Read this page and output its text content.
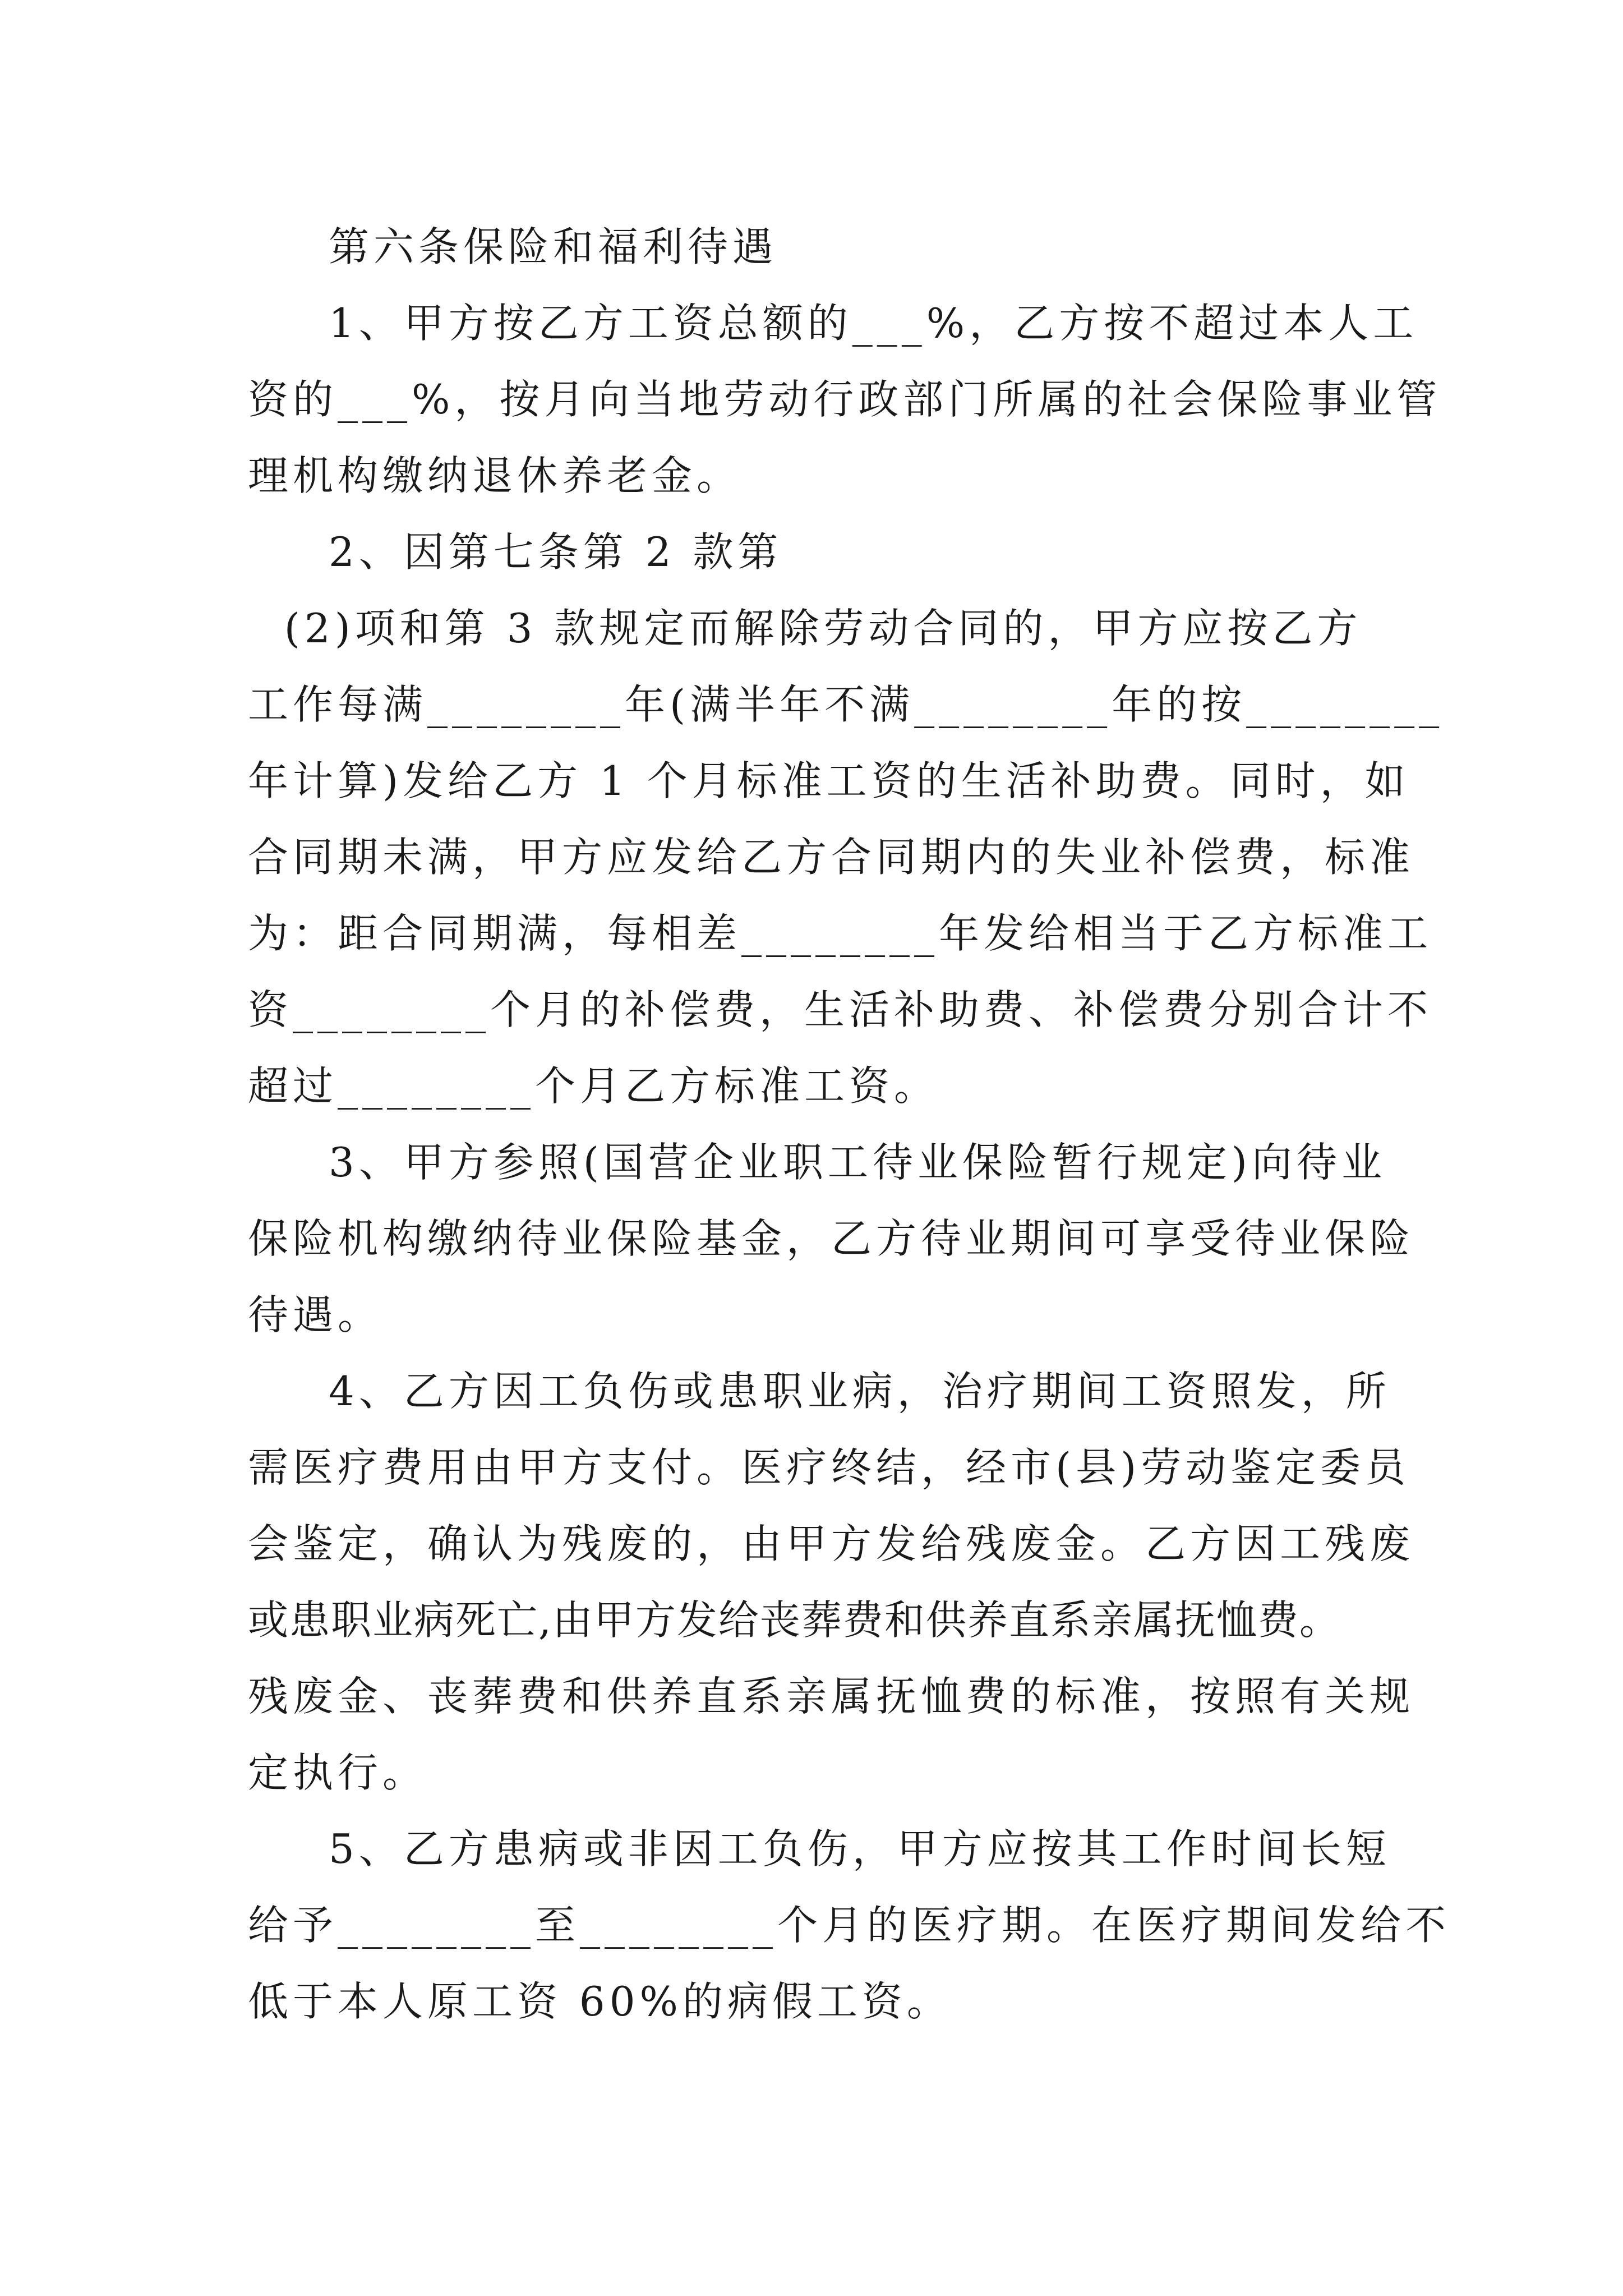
第六条保险和福利待遇

1、甲方按乙方工资总额的___%，乙方按不超过本人工
资的___%，按月向当地劳动行政部门所属的社会保险事业管
理机构缴纳退休养老金。

2、因第七条第 2 款第

(2)项和第 3 款规定而解除劳动合同的，甲方应按乙方
工作每满________年(满半年不满________年的按________
年计算)发给乙方 1 个月标准工资的生活补助费。同时，如
合同期未满，甲方应发给乙方合同期内的失业补偿费，标准
为：距合同期满，每相差________年发给相当于乙方标准工
资________个月的补偿费，生活补助费、补偿费分别合计不
超过________个月乙方标准工资。

3、甲方参照(国营企业职工待业保险暂行规定)向待业
保险机构缴纳待业保险基金，乙方待业期间可享受待业保险
待遇。

4、乙方因工负伤或患职业病，治疗期间工资照发，所
需医疗费用由甲方支付。医疗终结，经市(县)劳动鉴定委员
会鉴定，确认为残废的，由甲方发给残废金。乙方因工残废
或患职业病死亡,由甲方发给丧葬费和供养直系亲属抚恤费。
残废金、丧葬费和供养直系亲属抚恤费的标准，按照有关规
定执行。

5、乙方患病或非因工负伤，甲方应按其工作时间长短
给予________至________个月的医疗期。在医疗期间发给不
低于本人原工资 60%的病假工资。
